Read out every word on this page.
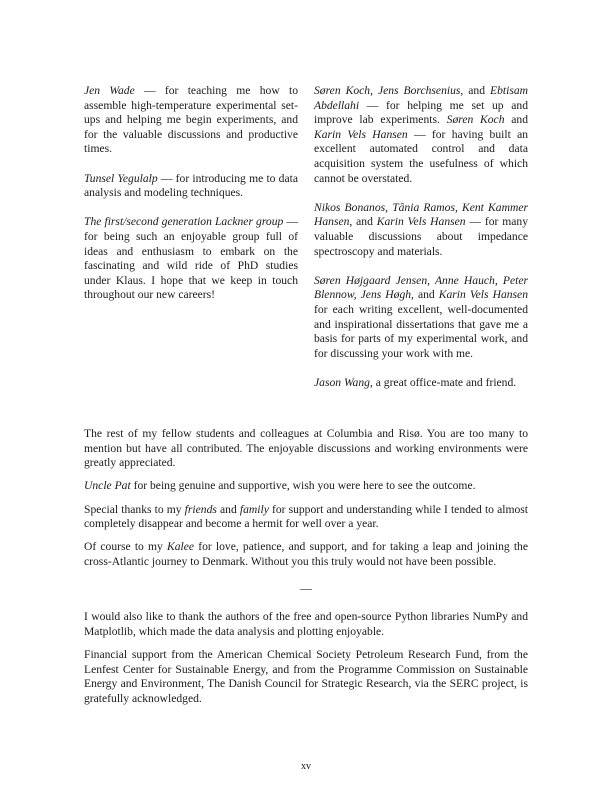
Jen Wade — for teaching me how to assemble high-temperature experimental set-ups and helping me begin experiments, and for the valuable discussions and productive times.

Tunsel Yegulalp — for introducing me to data analysis and modeling techniques.

The first/second generation Lackner group — for being such an enjoyable group full of ideas and enthusiasm to embark on the fascinating and wild ride of PhD studies under Klaus. I hope that we keep in touch throughout our new careers!

Søren Koch, Jens Borchsenius, and Ebtisam Abdellahi — for helping me set up and improve lab experiments. Søren Koch and Karin Vels Hansen — for having built an excellent automated control and data acquisition system the usefulness of which cannot be overstated.

Nikos Bonanos, Tânia Ramos, Kent Kammer Hansen, and Karin Vels Hansen — for many valuable discussions about impedance spectroscopy and materials.

Søren Højgaard Jensen, Anne Hauch, Peter Blennow, Jens Høgh, and Karin Vels Hansen for each writing excellent, well-documented and inspirational dissertations that gave me a basis for parts of my experimental work, and for discussing your work with me.

Jason Wang, a great office-mate and friend.

The rest of my fellow students and colleagues at Columbia and Risø. You are too many to mention but have all contributed. The enjoyable discussions and working environments were greatly appreciated.

Uncle Pat for being genuine and supportive, wish you were here to see the outcome.

Special thanks to my friends and family for support and understanding while I tended to almost completely disappear and become a hermit for well over a year.

Of course to my Kalee for love, patience, and support, and for taking a leap and joining the cross-Atlantic journey to Denmark. Without you this truly would not have been possible.

—

I would also like to thank the authors of the free and open-source Python libraries NumPy and Matplotlib, which made the data analysis and plotting enjoyable.

Financial support from the American Chemical Society Petroleum Research Fund, from the Lenfest Center for Sustainable Energy, and from the Programme Commission on Sustainable Energy and Environment, The Danish Council for Strategic Research, via the SERC project, is gratefully acknowledged.

xv
